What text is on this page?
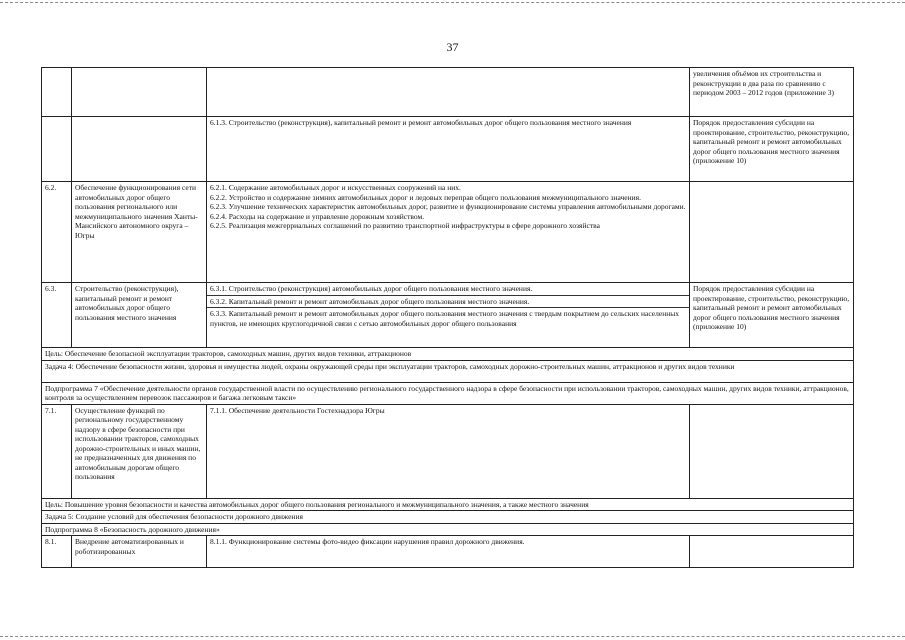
37
			увеличения объёмов их строительства и реконструкции в два раза по сравнению с периодом 2003 – 2012 годов (приложение 3)
		6.1.3. Строительство (реконструкция), капитальный ремонт и ремонт автомобильных дорог общего пользования местного значения	Порядок предоставления субсидии на проектирование, строительство, реконструкцию, капитальный ремонт и ремонт автомобильных дорог общего пользования местного значения (приложение 10)
6.2.	Обеспечение функционирования сети автомобильных дорог общего пользования регионального или межмуниципального значения Ханты-Мансийского автономного округа – Югры	6.2.1. Содержание автомобильных дорог и искусственных сооружений на них.
6.2.2. Устройство и содержание зимних автомобильных дорог и ледовых переправ общего пользования межмуниципального значения.
6.2.3. Улучшение технических характеристик автомобильных дорог, развитие и функционирование системы управления автомобильными дорогами.
6.2.4. Расходы на содержание и управление дорожным хозяйством.
6.2.5. Реализация межгерриальных соглашений по развитию транспортной инфраструктуры в сфере дорожного хозяйства	

6.3.	Строительство (реконструкция), капитальный ремонт и ремонт автомобильных дорог общего пользования местного значения	6.3.1. Строительство (реконструкция) автомобильных дорог общего пользования местного значения.
6.3.2. Капитальный ремонт и ремонт автомобильных дорог общего пользования местного значения.
6.3.3. Капитальный ремонт и ремонт автомобильных дорог общего пользования местного значения с твердым покрытием до сельских населенных пунктов, не имеющих круглогодичной связи с сетью автомобильных дорог общего пользования	Порядок предоставления субсидии на проектирование, строительство, реконструкцию, капитальный ремонт и ремонт автомобильных дорог общего пользования местного значения (приложение 10)
Цель: Обеспечение безопасной эксплуатации тракторов, самоходных машин, других видов техники, аттракционов			
Задача 4: Обеспечение безопасности жизни, здоровья и имущества людей, охраны окружающей среды при эксплуатации тракторов, самоходных дорожно-строительных машин, аттракционов и других видов техники			
Подпрограмма 7 «Обеспечение деятельности органов государственной власти по осуществлению регионального государственного надзора в сфере безопасности при использовании тракторов, самоходных машин, других видов техники, аттракционов, контроля за осуществлением перевозок пассажиров и багажа легковым такси»			
7.1.	Осуществление функций по региональному государственному надзору в сфере безопасности при использовании тракторов, самоходных дорожно-строительных и иных машин, не предназначенных для движения по автомобильным дорогам общего пользования	7.1.1. Обеспечение деятельности Гостехнадзора Югры	
Цель: Повышение уровня безопасности и качества автомобильных дорог общего пользования регионального и межмуниципального значения, а также местного значения			
Задача 5: Создание условий для обеспечения безопасности дорожного движения			
Подпрограмма 8 «Безопасность дорожного движения»			
8.1.	Внедрение автоматизированных и роботизированных	8.1.1. Функционирование системы фото-видео фиксации нарушения правил дорожного движения.	
